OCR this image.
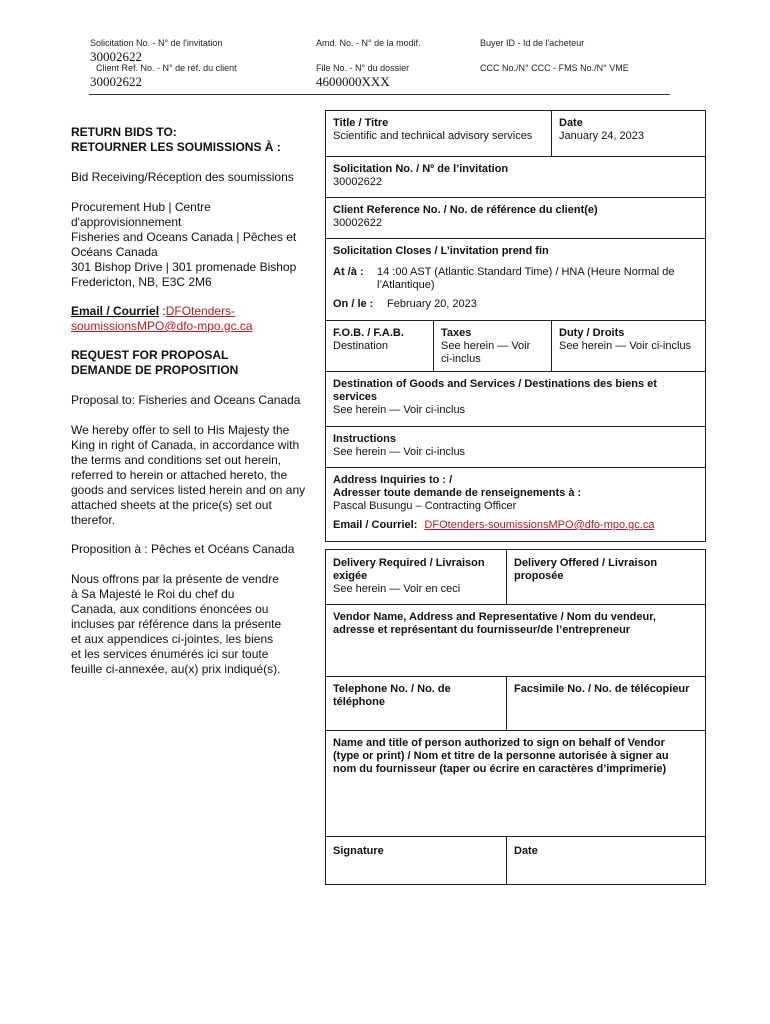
Solicitation No. - N° de l'invitation
30002622
Amd. No. - N° de la modif.	Buyer ID - Id de l'acheteur
Client Ref. No. - N° de réf. du client
30002622
File No. - N° du dossier
4600000XXX
CCC No./N° CCC - FMS No./N° VME

RETURN BIDS TO:

RETOURNER LES SOUMISSIONS À :

Bid Receiving/Réception des soumissions

Procurement Hub | Centre

d'approvisionnement

Fisheries and Oceans Canada | Pêches et

Océans Canada

301 Bishop Drive | 301 promenade Bishop

Fredericton, NB, E3C 2M6

Email / Courriel :DFOtenders-

soumissionsMPO@dfo-mpo.gc.ca

REQUEST FOR PROPOSAL

DEMANDE DE PROPOSITION

Proposal to: Fisheries and Oceans Canada

We hereby offer to sell to His Majesty the

King in right of Canada, in accordance with

the terms and conditions set out herein,

referred to herein or attached hereto, the

goods and services listed herein and on any

attached sheets at the price(s) set out

therefor.

Proposition à : Pêches et Océans Canada

Nous offrons par la présente de vendre

à Sa Majesté le Roi du chef du

Canada, aux conditions énoncées ou

incluses par référence dans la présente

et aux appendices ci-jointes, les biens

et les services énumérés ici sur toute

feuille ci-annexée, au(x) prix indiqué(s).

Title / Titre
Scientific and technical advisory services
Date
January 24, 2023
Solicitation No. / Nº de l’invitation
30002622
Client Reference No. / No. de référence du client(e)
30002622
Solicitation Closes / L’invitation prend fin
At /à : 14 :00 AST (Atlantic Standard Time) / HNA (Heure Normal de
l’Atlantique)
On / le : February 20, 2023
F.O.B. / F.A.B.
Destination
Taxes
See herein — Voir
ci-inclus
Duty / Droits
See herein — Voir ci-inclus
Destination of Goods and Services / Destinations des biens et
services
See herein — Voir ci-inclus
Instructions
See herein — Voir ci-inclus
Address Inquiries to : /
Adresser toute demande de renseignements à :
Pascal Busungu – Contracting Officer
Email / Courriel: DFOtenders-soumissionsMPO@dfo-mpo.gc.ca
Delivery Required / Livraison
exigée
See herein — Voir en ceci
Delivery Offered / Livraison
proposée
Vendor Name, Address and Representative / Nom du vendeur,
adresse et représentant du fournisseur/de l’entrepreneur
Telephone No. / No. de
téléphone
Facsimile No. / No. de télécopieur
Name and title of person authorized to sign on behalf of Vendor
(type or print) / Nom et titre de la personne autorisée à signer au
nom du fournisseur (taper ou écrire en caractères d’imprimerie)
Signature	Date
